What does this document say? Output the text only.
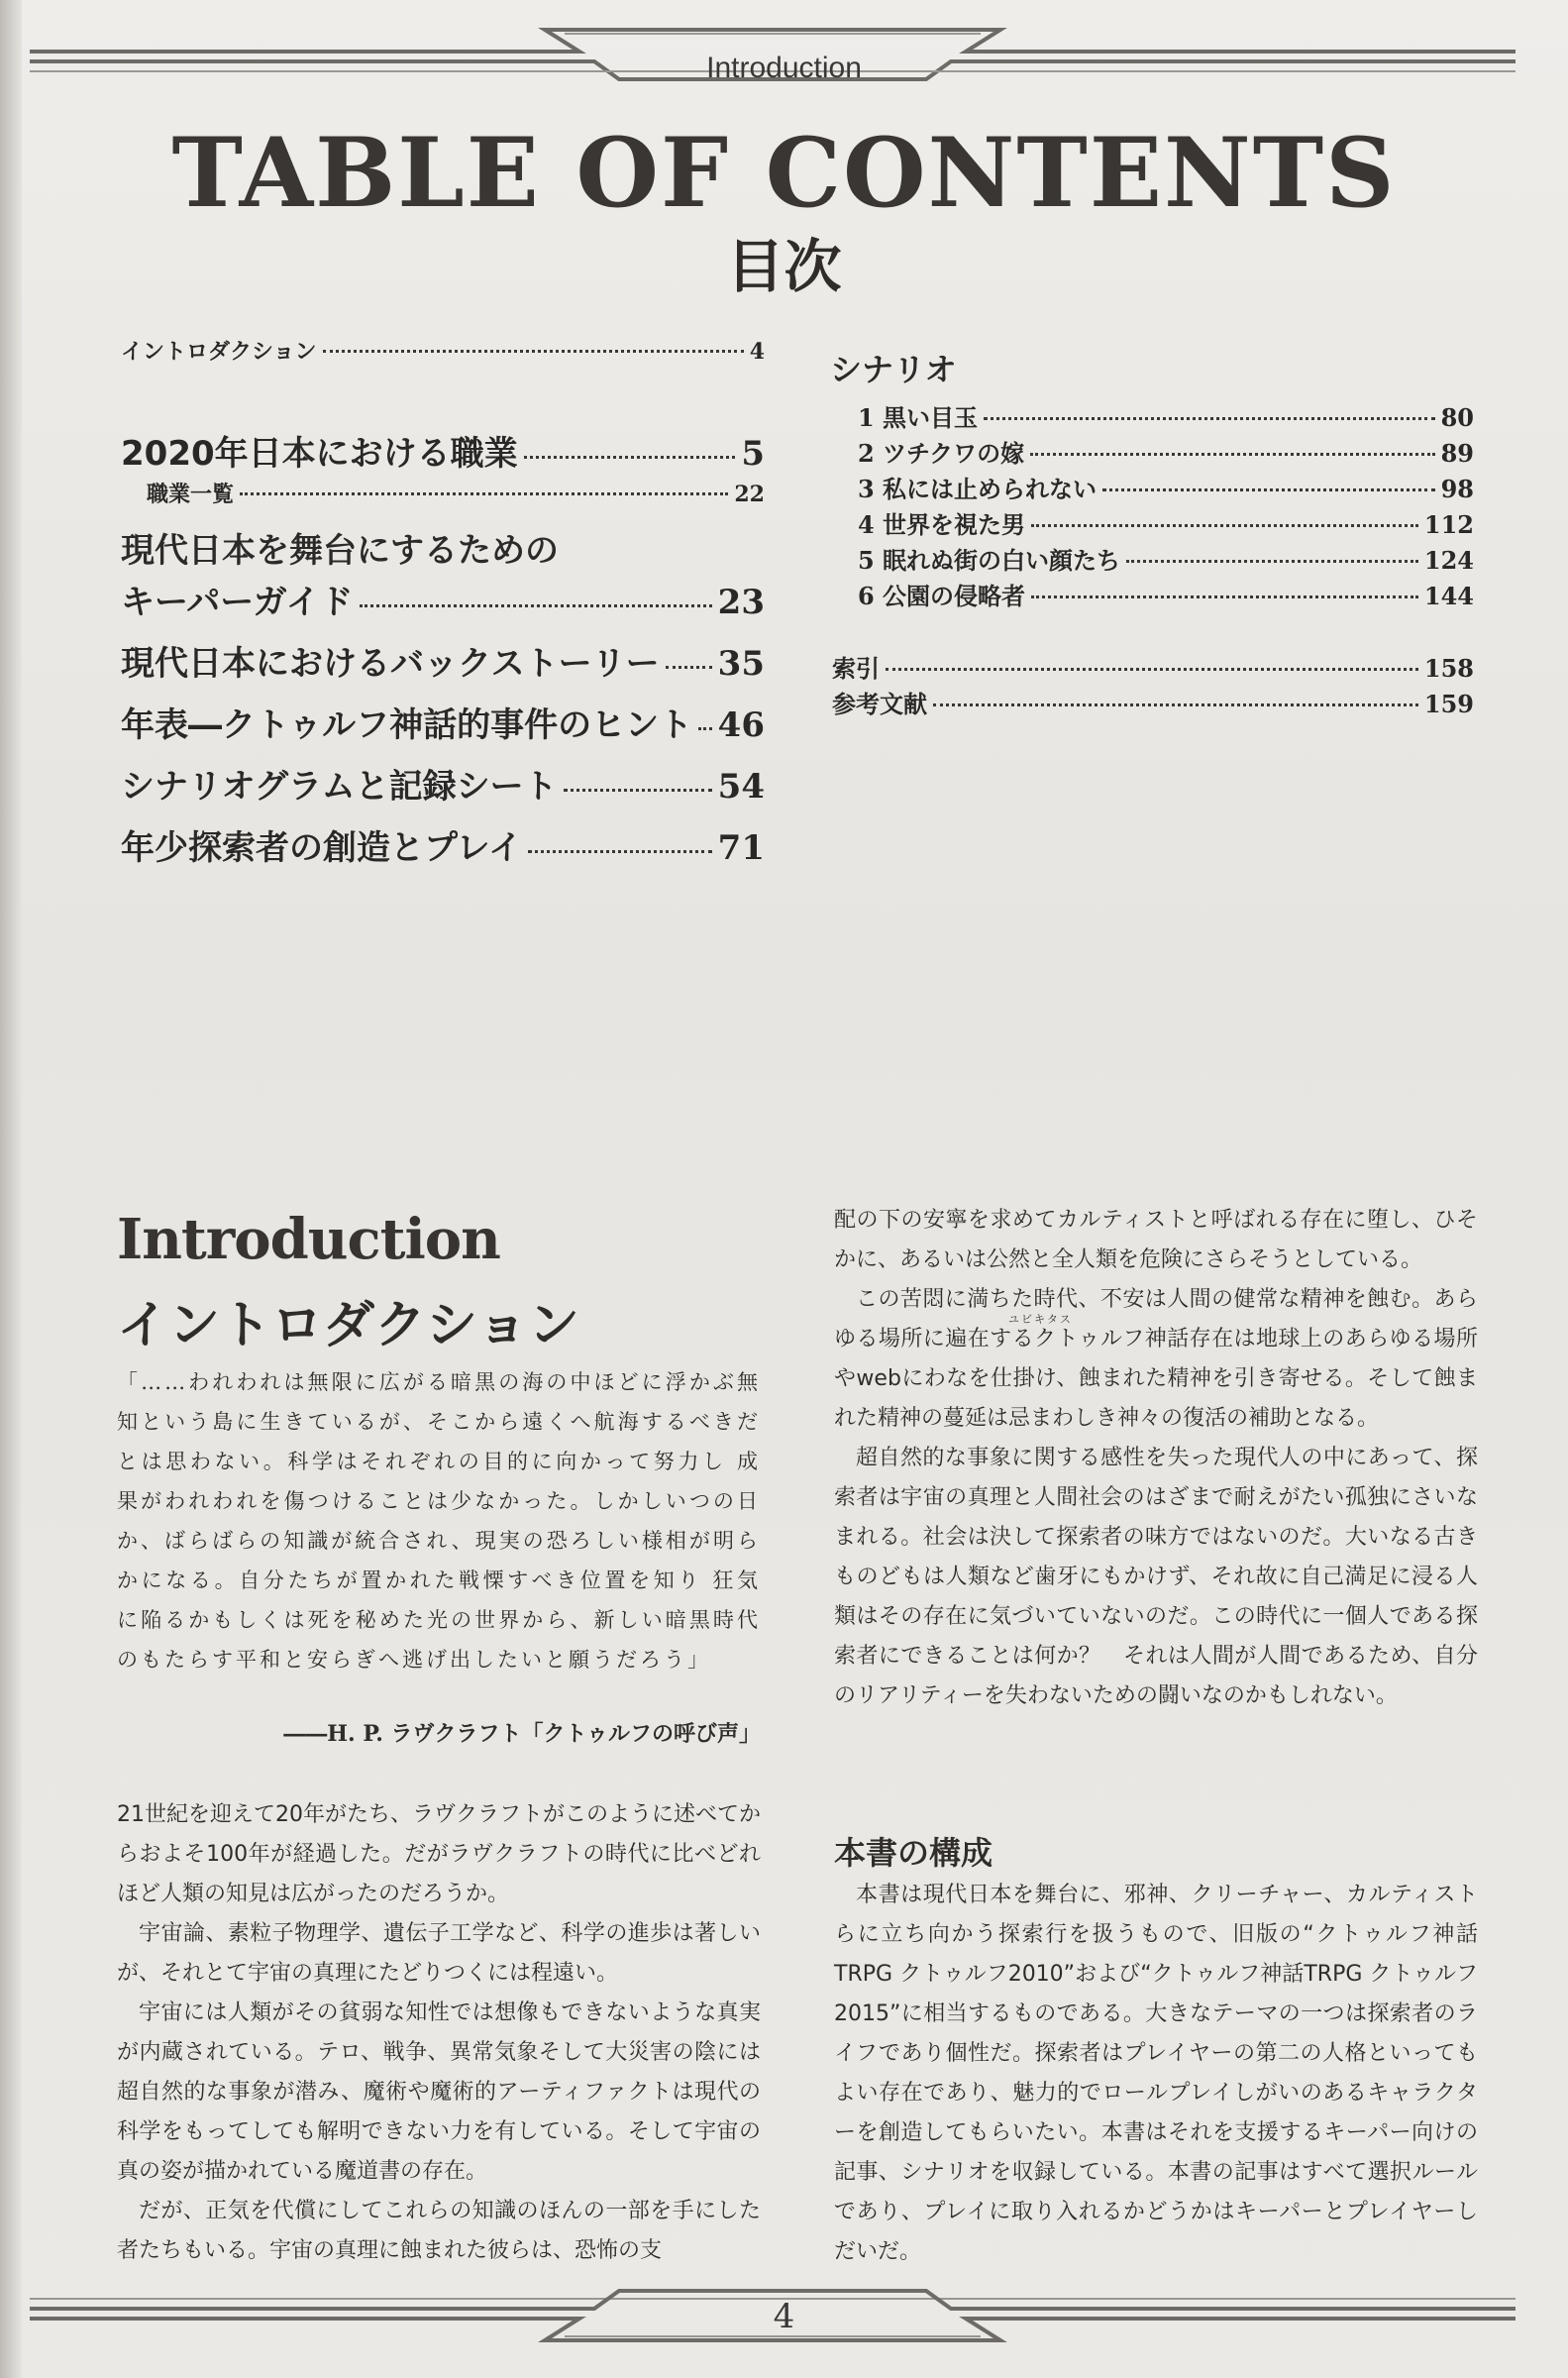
Introduction
TABLE OF CONTENTS
目次
イントロダクション	4
2020年日本における職業	5
職業一覧	22
現代日本を舞台にするための
キーパーガイド	23
現代日本におけるバックストーリー 35
年表―クトゥルフ神話的事件のヒント 46
シナリオグラムと記録シート	54
年少探索者の創造とプレイ	71
シナリオ
1 黒い目玉	80
2 ツチクワの嫁	89
3 私には止められない	98
4 世界を視た男	112
5 眠れぬ街の白い顔たち	124
6 公園の侵略者	144
索引	158
参考文献	159
Introduction
イントロダクション
「……われわれは無限に広がる暗黒の海の中ほどに浮かぶ無知という島に生きているが、そこから遠くへ航海するべきだとは思わない。科学はそれぞれの目的に向かって努力し 成果がわれわれを傷つけることは少なかった。しかしいつの日か、ばらばらの知識が統合され、現実の恐ろしい様相が明らかになる。自分たちが置かれた戦慄すべき位置を知り 狂気に陥るかもしくは死を秘めた光の世界から、新しい暗黒時代のもたらす平和と安らぎへ逃げ出したいと願うだろう」
――H. P. ラヴクラフト「クトゥルフの呼び声」

21世紀を迎えて20年がたち、ラヴクラフトがこのように述べてからおよそ100年が経過した。だがラヴクラフトの時代に比べどれほど人類の知見は広がったのだろうか。

宇宙論、素粒子物理学、遺伝子工学など、科学の進歩は著しいが、それとて宇宙の真理にたどりつくには程遠い。

宇宙には人類がその貧弱な知性では想像もできないような真実が内蔵されている。テロ、戦争、異常気象そして大災害の陰には超自然的な事象が潜み、魔術や魔術的アーティファクトは現代の科学をもってしても解明できない力を有している。そして宇宙の真の姿が描かれている魔道書の存在。

だが、正気を代償にしてこれらの知識のほんの一部を手にした者たちもいる。宇宙の真理に蝕まれた彼らは、恐怖の支

ユビキタス

配の下の安寧を求めてカルティストと呼ばれる存在に堕し、ひそかに、あるいは公然と全人類を危険にさらそうとしている。

この苦悶に満ちた時代、不安は人間の健常な精神を蝕む。あらゆる場所に遍在するクトゥルフ神話存在は地球上のあらゆる場所やwebにわなを仕掛け、蝕まれた精神を引き寄せる。そして蝕まれた精神の蔓延は忌まわしき神々の復活の補助となる。

超自然的な事象に関する感性を失った現代人の中にあって、探索者は宇宙の真理と人間社会のはざまで耐えがたい孤独にさいなまれる。社会は決して探索者の味方ではないのだ。大いなる古きものどもは人類など歯牙にもかけず、それ故に自己満足に浸る人類はその存在に気づいていないのだ。この時代に一個人である探索者にできることは何か？　それは人間が人間であるため、自分のリアリティーを失わないための闘いなのかもしれない。

本書の構成

本書は現代日本を舞台に、邪神、クリーチャー、カルティストらに立ち向かう探索行を扱うもので、旧版の“クトゥルフ神話TRPG クトゥルフ2010”および“クトゥルフ神話TRPG クトゥルフ2015”に相当するものである。大きなテーマの一つは探索者のライフであり個性だ。探索者はプレイヤーの第二の人格といってもよい存在であり、魅力的でロールプレイしがいのあるキャラクターを創造してもらいたい。本書はそれを支援するキーパー向けの記事、シナリオを収録している。本書の記事はすべて選択ルールであり、プレイに取り入れるかどうかはキーパーとプレイヤーしだいだ。

4
